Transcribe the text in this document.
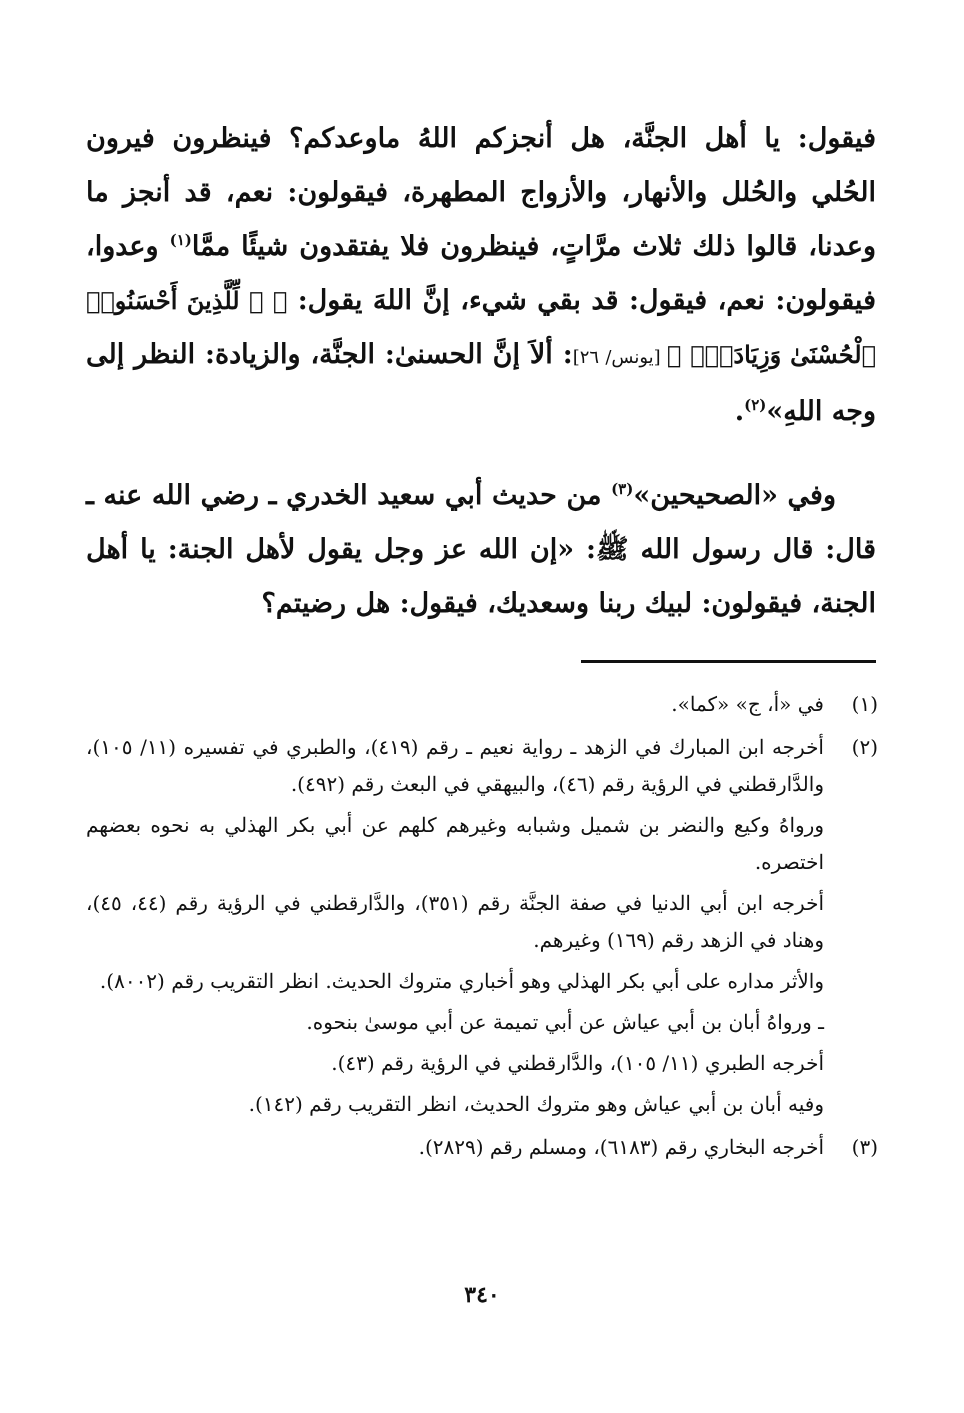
فيقول: يا أهل الجنَّة، هل أنجزكم اللهُ ماوعدكم؟ فينظرون فيرون الحُلي والحُلل والأنهار، والأزواج المطهرة، فيقولون: نعم، قد أنجز ما وعدنا، قالوا ذلك ثلاث مرَّاتٍ، فينظرون فلا يفتقدون شيئًا ممَّا$^{(١)}$ وعدوا، فيقولون: نعم، فيقول: قد بقي شيء، إنَّ اللهَ يقول: ﴿ ۞ لِّلَّذِينَ أَحْسَنُوا۟ ٱلْحُسْنَىٰ وَزِيَادَةٌۖ ﴾ [يونس/ ٢٦]: ألاَ إنَّ الحسنىٰ: الجنَّة، والزيادة: النظر إلى وجه اللهِ»$^{(٢)}$.

وفي «الصحيحين»$^{(٣)}$ من حديث أبي سعيد الخدري ـ رضي الله عنه ـ قال: قال رسول الله ﷺ: «إن الله عز وجل يقول لأهل الجنة: يا أهل الجنة، فيقولون: لبيك ربنا وسعديك، فيقول: هل رضيتم؟

(١)

في «أ، ج» «كما».

(٢)

أخرجه ابن المبارك في الزهد ـ رواية نعيم ـ رقم (٤١٩)، والطبري في تفسيره (١١/ ١٠٥)، والدَّارقطني في الرؤية رقم (٤٦)، والبيهقي في البعث رقم (٤٩٢).

ورواهُ وكيع والنضر بن شميل وشبابه وغيرهم كلهم عن أبي بكر الهذلي به نحوه بعضهم اختصره.

أخرجه ابن أبي الدنيا في صفة الجنَّة رقم (٣٥١)، والدَّارقطني في الرؤية رقم (٤٤، ٤٥)، وهناد في الزهد رقم (١٦٩) وغيرهم.

والأثر مداره على أبي بكر الهذلي وهو أخباري متروك الحديث. انظر التقريب رقم (٨٠٠٢).

ـ ورواهُ أبان بن أبي عياش عن أبي تميمة عن أبي موسىٰ بنحوه.

أخرجه الطبري (١١/ ١٠٥)، والدَّارقطني في الرؤية رقم (٤٣).

وفيه أبان بن أبي عياش وهو متروك الحديث، انظر التقريب رقم (١٤٢).

(٣)

أخرجه البخاري رقم (٦١٨٣)، ومسلم رقم (٢٨٢٩).

٣٤٠
